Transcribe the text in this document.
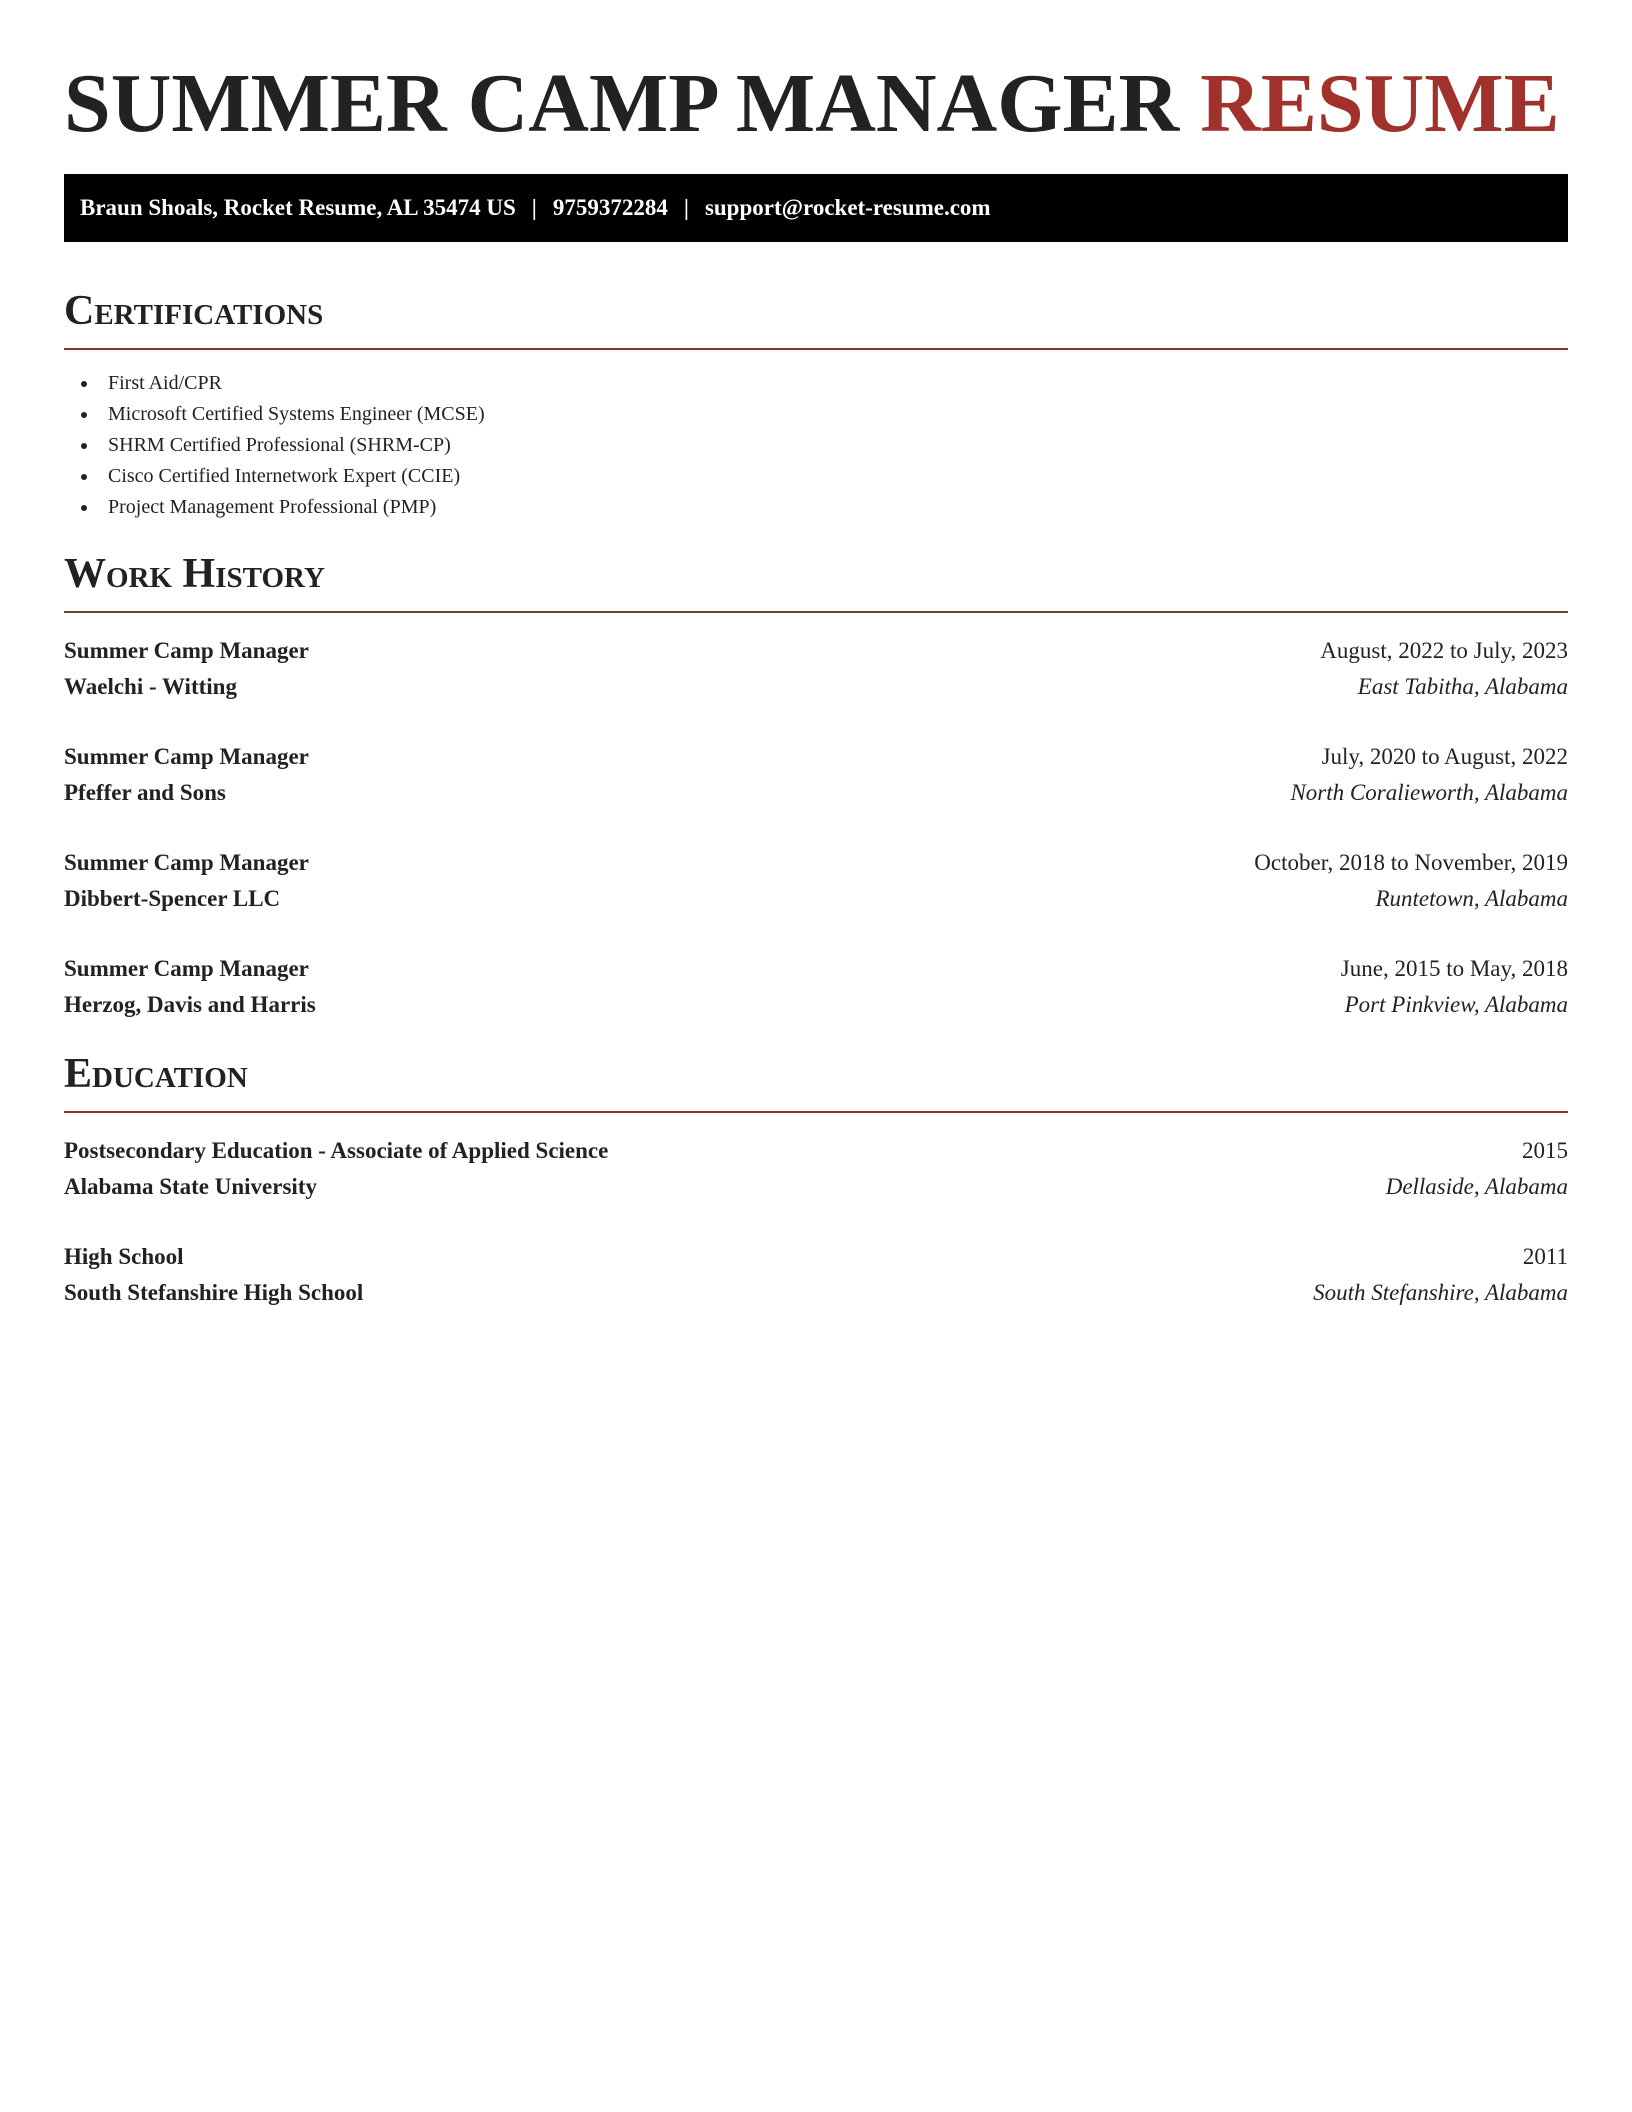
SUMMER CAMP MANAGER RESUME
Braun Shoals, Rocket Resume, AL 35474 US | 9759372284 | support@rocket-resume.com
Certifications
First Aid/CPR
Microsoft Certified Systems Engineer (MCSE)
SHRM Certified Professional (SHRM-CP)
Cisco Certified Internetwork Expert (CCIE)
Project Management Professional (PMP)
Work History
Summer Camp Manager	August, 2022 to July, 2023
Waelchi - Witting	East Tabitha, Alabama
Summer Camp Manager	July, 2020 to August, 2022
Pfeffer and Sons	North Coralieworth, Alabama
Summer Camp Manager	October, 2018 to November, 2019
Dibbert-Spencer LLC	Runtetown, Alabama
Summer Camp Manager	June, 2015 to May, 2018
Herzog, Davis and Harris	Port Pinkview, Alabama
Education
Postsecondary Education - Associate of Applied Science	2015
Alabama State University	Dellaside, Alabama
High School	2011
South Stefanshire High School	South Stefanshire, Alabama
